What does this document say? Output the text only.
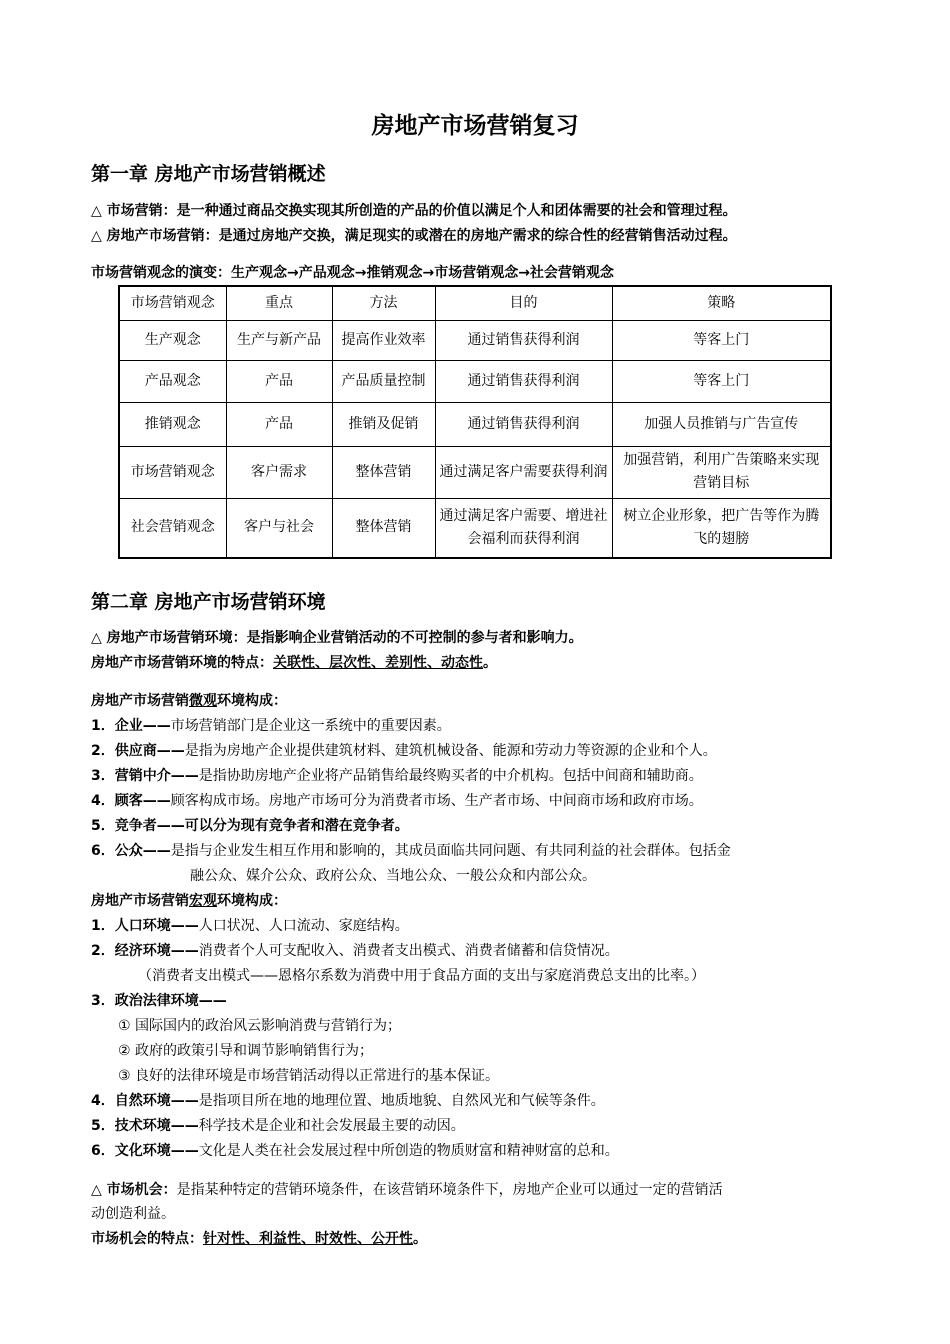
房地产市场营销复习
第一章 房地产市场营销概述
△ 市场营销：是一种通过商品交换实现其所创造的产品的价值以满足个人和团体需要的社会和管理过程。
△ 房地产市场营销：是通过房地产交换，满足现实的或潜在的房地产需求的综合性的经营销售活动过程。
市场营销观念的演变：生产观念→产品观念→推销观念→市场营销观念→社会营销观念
市场营销观念	重点	方法	目的	策略
生产观念	生产与新产品	提高作业效率	通过销售获得利润	等客上门
产品观念	产品	产品质量控制	通过销售获得利润	等客上门
推销观念	产品	推销及促销	通过销售获得利润	加强人员推销与广告宣传
市场营销观念	客户需求	整体营销	通过满足客户需要获得利润	加强营销，利用广告策略来实现营销目标
社会营销观念	客户与社会	整体营销	通过满足客户需要、增进社会福利而获得利润	树立企业形象，把广告等作为腾飞的翅膀
第二章 房地产市场营销环境
△ 房地产市场营销环境：是指影响企业营销活动的不可控制的参与者和影响力。
房地产市场营销环境的特点：关联性、层次性、差别性、动态性。
房地产市场营销微观环境构成：
1．企业——市场营销部门是企业这一系统中的重要因素。
2．供应商——是指为房地产企业提供建筑材料、建筑机械设备、能源和劳动力等资源的企业和个人。
3．营销中介——是指协助房地产企业将产品销售给最终购买者的中介机构。包括中间商和辅助商。
4．顾客——顾客构成市场。房地产市场可分为消费者市场、生产者市场、中间商市场和政府市场。
5．竞争者——可以分为现有竞争者和潜在竞争者。
6．公众——是指与企业发生相互作用和影响的，其成员面临共同问题、有共同利益的社会群体。包括金
融公众、媒介公众、政府公众、当地公众、一般公众和内部公众。
房地产市场营销宏观环境构成：
1．人口环境——人口状况、人口流动、家庭结构。
2．经济环境——消费者个人可支配收入、消费者支出模式、消费者储蓄和信贷情况。
（消费者支出模式——恩格尔系数为消费中用于食品方面的支出与家庭消费总支出的比率。）
3．政治法律环境——
① 国际国内的政治风云影响消费与营销行为；
② 政府的政策引导和调节影响销售行为；
③ 良好的法律环境是市场营销活动得以正常进行的基本保证。
4．自然环境——是指项目所在地的地理位置、地质地貌、自然风光和气候等条件。
5．技术环境——科学技术是企业和社会发展最主要的动因。
6．文化环境——文化是人类在社会发展过程中所创造的物质财富和精神财富的总和。
△ 市场机会：是指某种特定的营销环境条件，在该营销环境条件下，房地产企业可以通过一定的营销活
动创造利益。
市场机会的特点：针对性、利益性、时效性、公开性。
